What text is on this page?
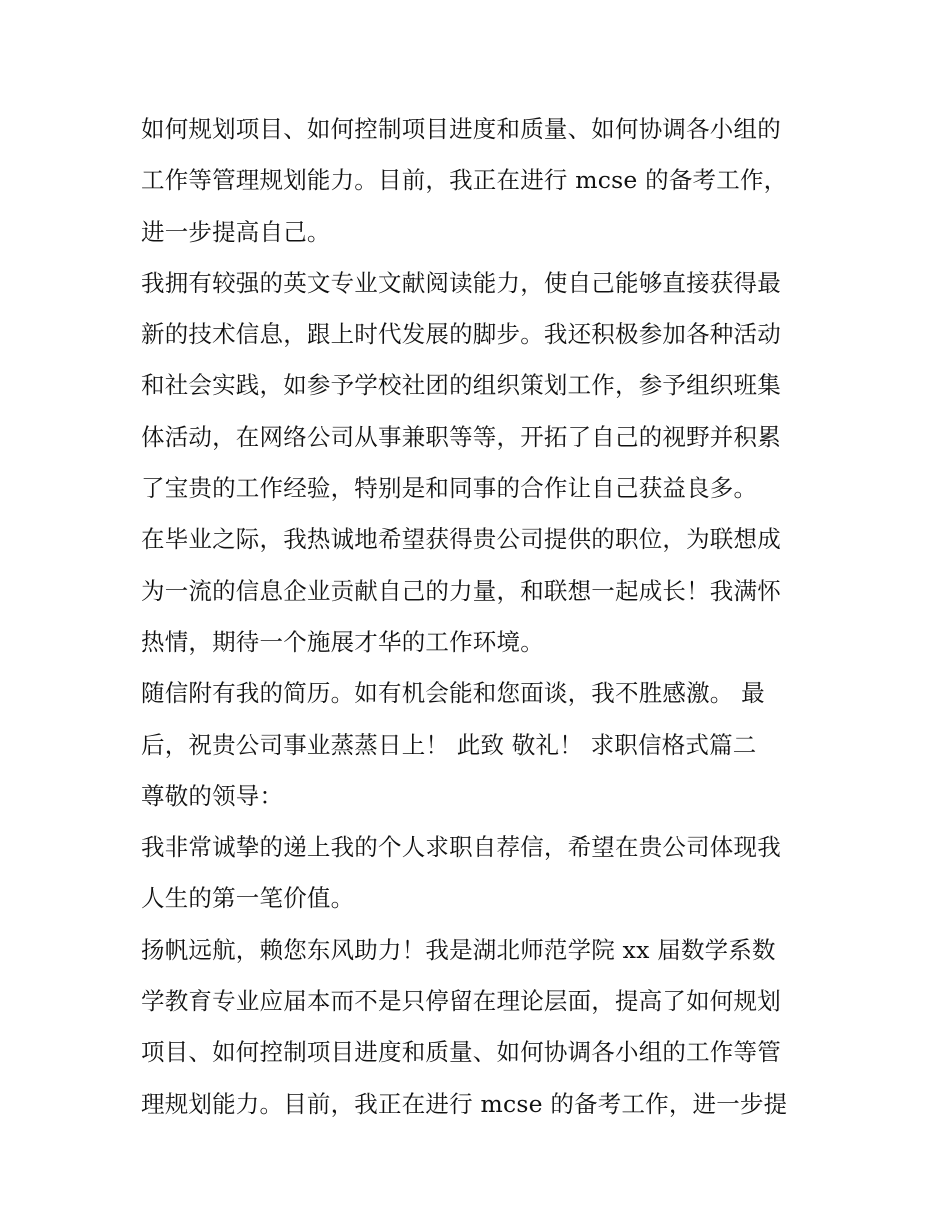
如何规划项目、如何控制项目进度和质量、如何协调各小组的
工作等管理规划能力。目前，我正在进行 mcse 的备考工作，
进一步提高自己。
我拥有较强的英文专业文献阅读能力，使自己能够直接获得最
新的技术信息，跟上时代发展的脚步。我还积极参加各种活动
和社会实践，如参予学校社团的组织策划工作，参予组织班集
体活动，在网络公司从事兼职等等，开拓了自己的视野并积累
了宝贵的工作经验，特别是和同事的合作让自己获益良多。
在毕业之际，我热诚地希望获得贵公司提供的职位，为联想成
为一流的信息企业贡献自己的力量，和联想一起成长！我满怀
热情，期待一个施展才华的工作环境。
随信附有我的简历。如有机会能和您面谈，我不胜感激。 最
后，祝贵公司事业蒸蒸日上！ 此致 敬礼！ 求职信格式篇二
尊敬的领导：
我非常诚挚的递上我的个人求职自荐信，希望在贵公司体现我
人生的第一笔价值。
扬帆远航，赖您东风助力！我是湖北师范学院 xx 届数学系数
学教育专业应届本而不是只停留在理论层面，提高了如何规划
项目、如何控制项目进度和质量、如何协调各小组的工作等管
理规划能力。目前，我正在进行 mcse 的备考工作，进一步提
